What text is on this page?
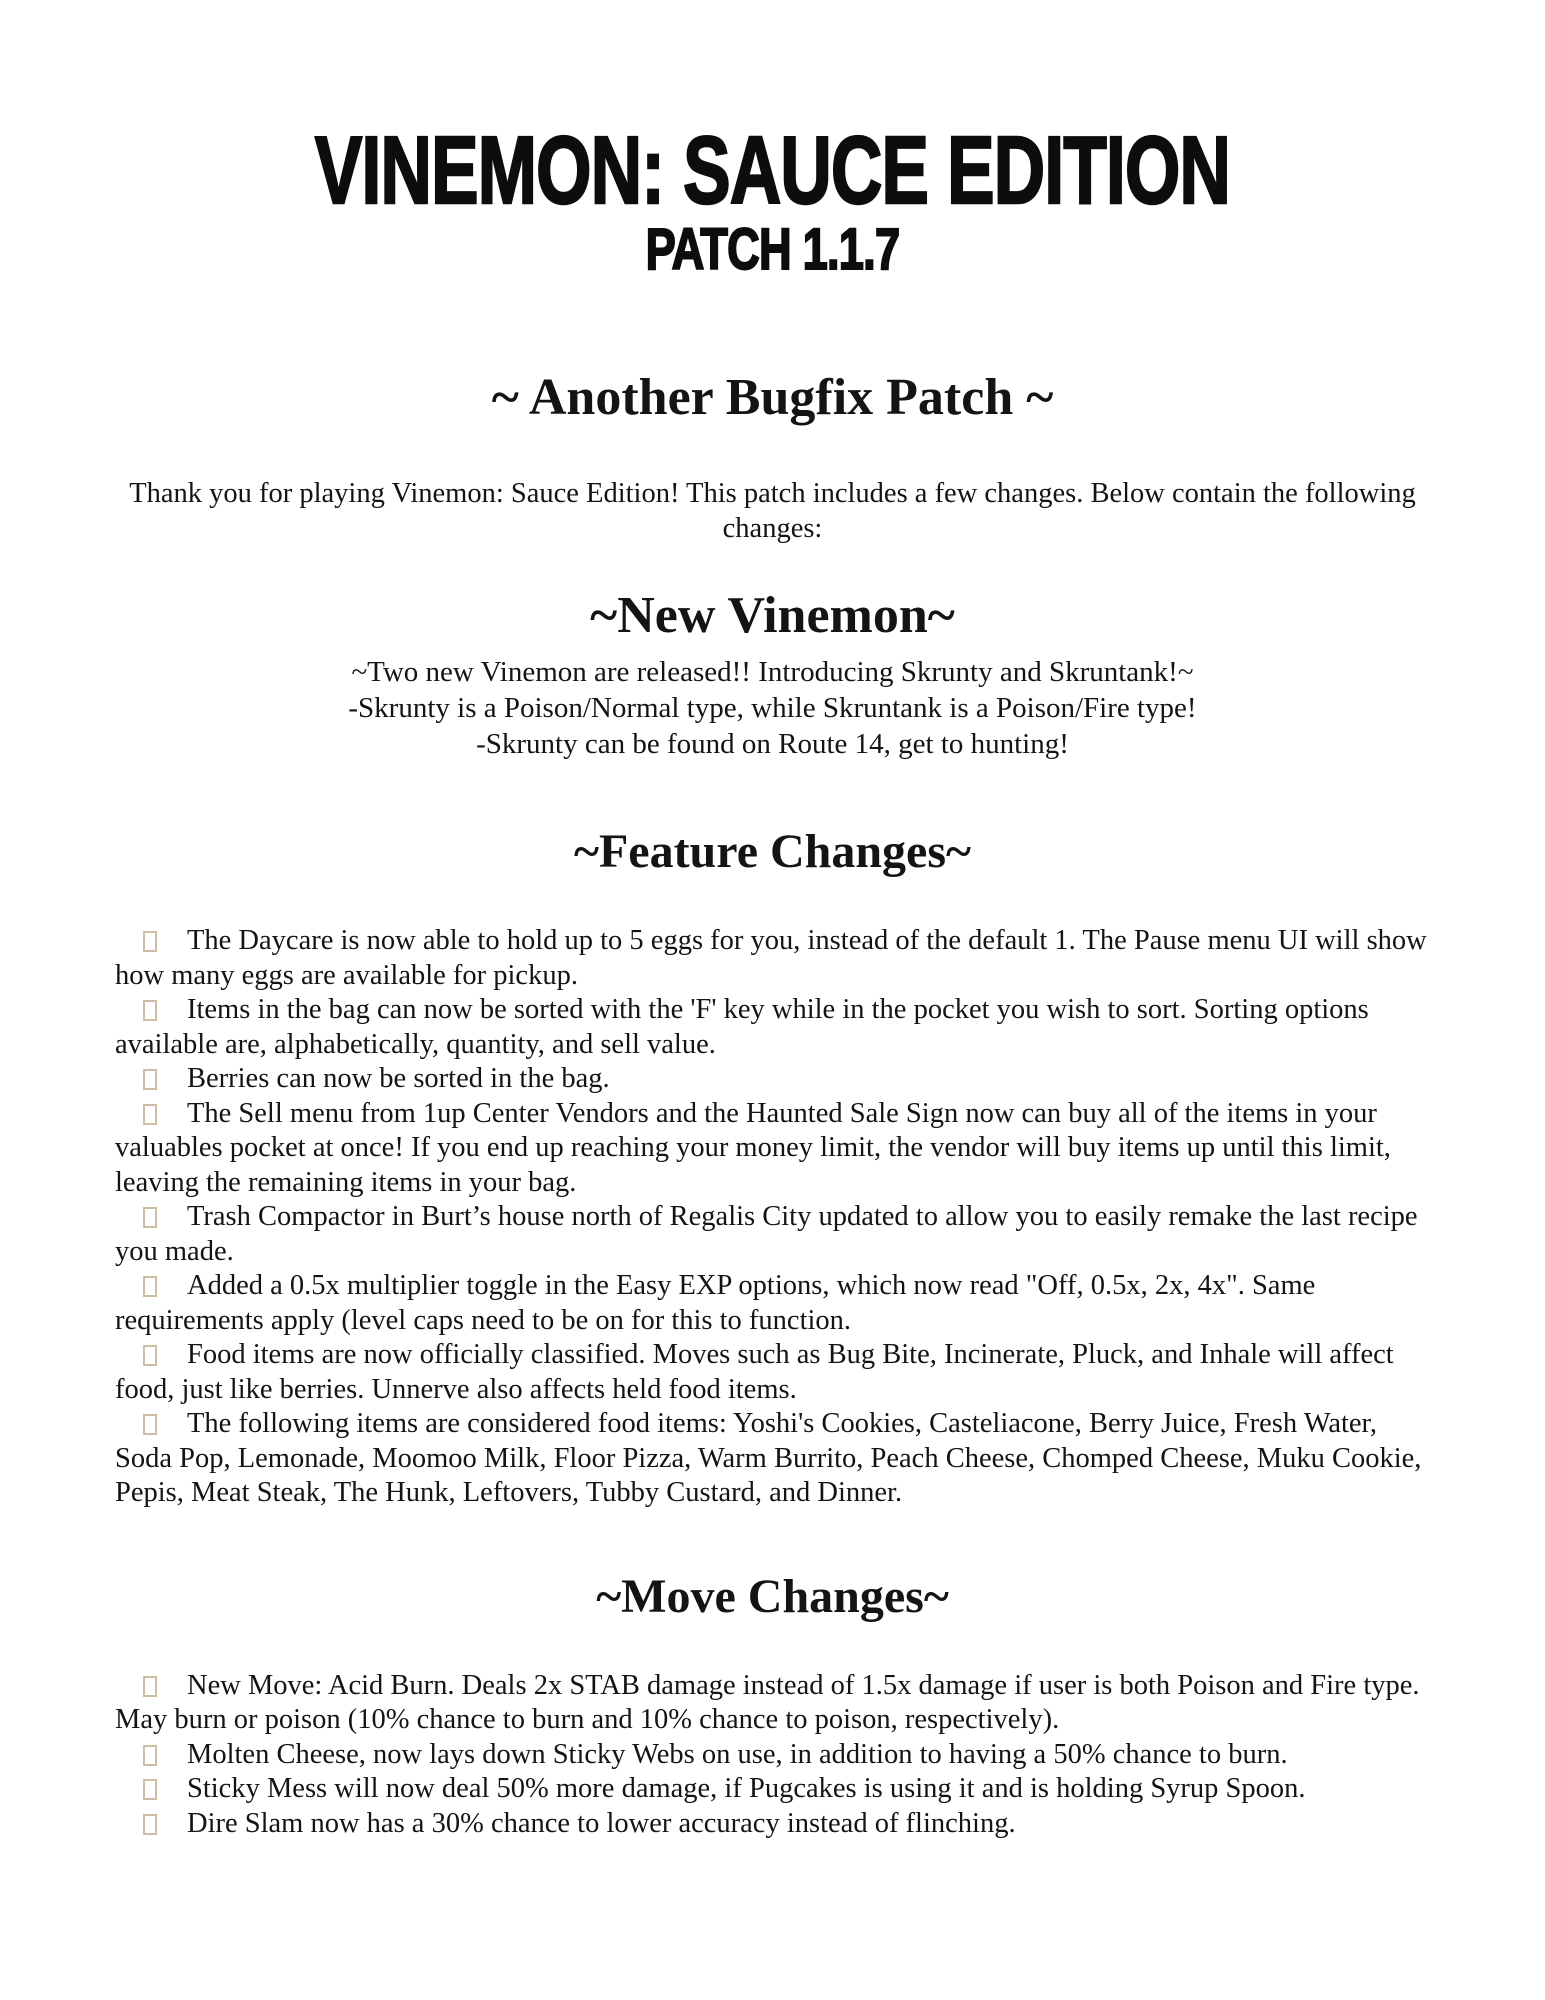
VINEMON: SAUCE EDITION
PATCH 1.1.7
~ Another Bugfix Patch ~

Thank you for playing Vinemon: Sauce Edition! This patch includes a few changes. Below contain the following changes:

~New Vinemon~
~Two new Vinemon are released!! Introducing Skrunty and Skruntank!~
-Skrunty is a Poison/Normal type, while Skruntank is a Poison/Fire type!
-Skrunty can be found on Route 14, get to hunting!
~Feature Changes~

The Daycare is now able to hold up to 5 eggs for you, instead of the default 1. The Pause menu UI will show how many eggs are available for pickup.

Items in the bag can now be sorted with the 'F' key while in the pocket you wish to sort. Sorting options available are, alphabetically, quantity, and sell value.

Berries can now be sorted in the bag.

The Sell menu from 1up Center Vendors and the Haunted Sale Sign now can buy all of the items in your valuables pocket at once! If you end up reaching your money limit, the vendor will buy items up until this limit, leaving the remaining items in your bag.

Trash Compactor in Burt’s house north of Regalis City updated to allow you to easily remake the last recipe you made.

Added a 0.5x multiplier toggle in the Easy EXP options, which now read "Off, 0.5x, 2x, 4x". Same requirements apply (level caps need to be on for this to function.

Food items are now officially classified. Moves such as Bug Bite, Incinerate, Pluck, and Inhale will affect food, just like berries. Unnerve also affects held food items.

The following items are considered food items: Yoshi's Cookies, Casteliacone, Berry Juice, Fresh Water, Soda Pop, Lemonade, Moomoo Milk, Floor Pizza, Warm Burrito, Peach Cheese, Chomped Cheese, Muku Cookie, Pepis, Meat Steak, The Hunk, Leftovers, Tubby Custard, and Dinner.

~Move Changes~

New Move: Acid Burn. Deals 2x STAB damage instead of 1.5x damage if user is both Poison and Fire type. May burn or poison (10% chance to burn and 10% chance to poison, respectively).

Molten Cheese, now lays down Sticky Webs on use, in addition to having a 50% chance to burn.

Sticky Mess will now deal 50% more damage, if Pugcakes is using it and is holding Syrup Spoon.

Dire Slam now has a 30% chance to lower accuracy instead of flinching.
